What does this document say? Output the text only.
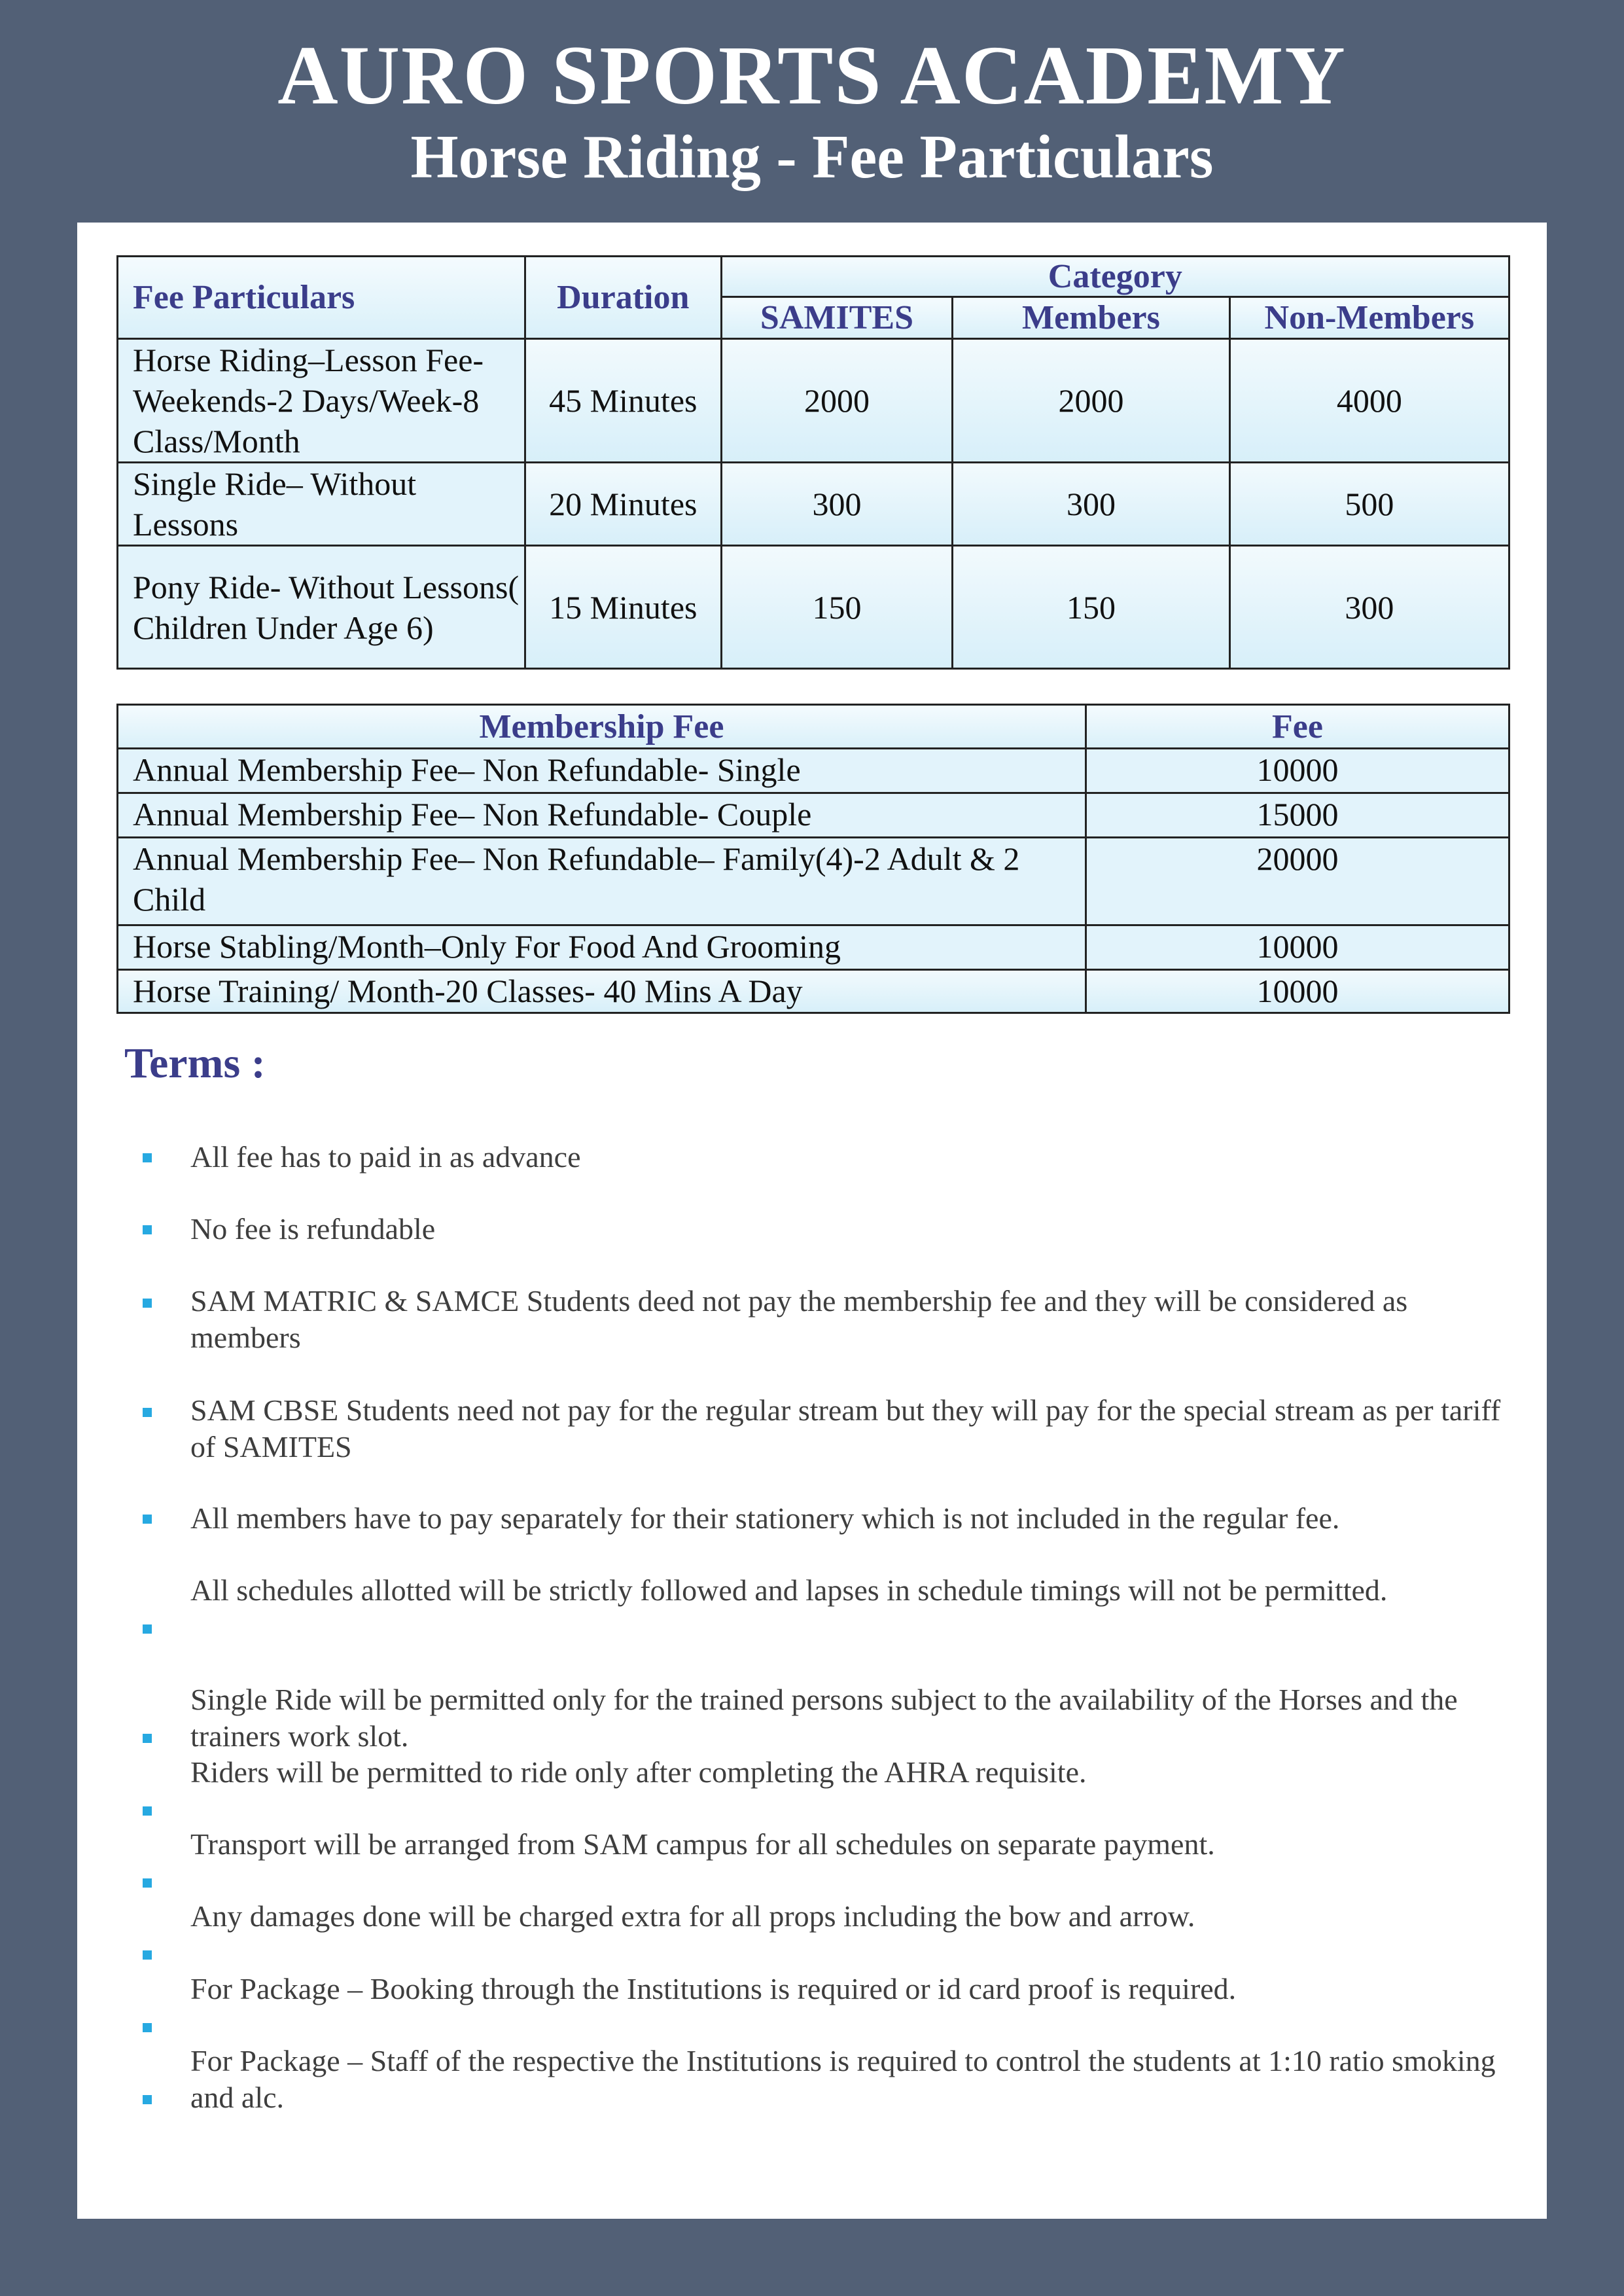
AURO SPORTS ACADEMY
Horse Riding - Fee Particulars
Fee Particulars	Duration	Category		
		SAMITES	Members	Non-Members
Horse Riding–Lesson Fee-Weekends-2 Days/Week-8 Class/Month	45 Minutes	2000	2000	4000
Single Ride– Without Lessons	20 Minutes	300	300	500
Pony Ride- Without Lessons( Children Under Age 6)	15 Minutes	150	150	300
Membership Fee	Fee
Annual Membership Fee– Non Refundable- Single	10000
Annual Membership Fee– Non Refundable- Couple	15000
Annual Membership Fee– Non Refundable– Family(4)-2 Adult & 2 Child	20000
Horse Stabling/Month–Only For Food And Grooming	10000
Horse Training/ Month-20 Classes- 40 Mins A Day	10000
Terms :
All fee has to paid in as advance
No fee is refundable
SAM MATRIC & SAMCE Students deed not pay the membership fee and they will be considered as members
SAM CBSE Students need not pay for the regular stream but they will pay for the special stream as per tariff of SAMITES
All members have to pay separately for their stationery which is not included in the regular fee.
All schedules allotted will be strictly followed and lapses in schedule timings will not be permitted.
Single Ride will be permitted only for the trained persons subject to the availability of the Horses and the trainers work slot.
Riders will be permitted to ride only after completing the AHRA requisite.
Transport will be arranged from SAM campus for all schedules on separate payment.
Any damages done will be charged extra for all props including the bow and arrow.
For Package – Booking through the Institutions is required or id card proof is required.
For Package – Staff of the respective the Institutions is required to control the students at 1:10 ratio smoking and alc.
